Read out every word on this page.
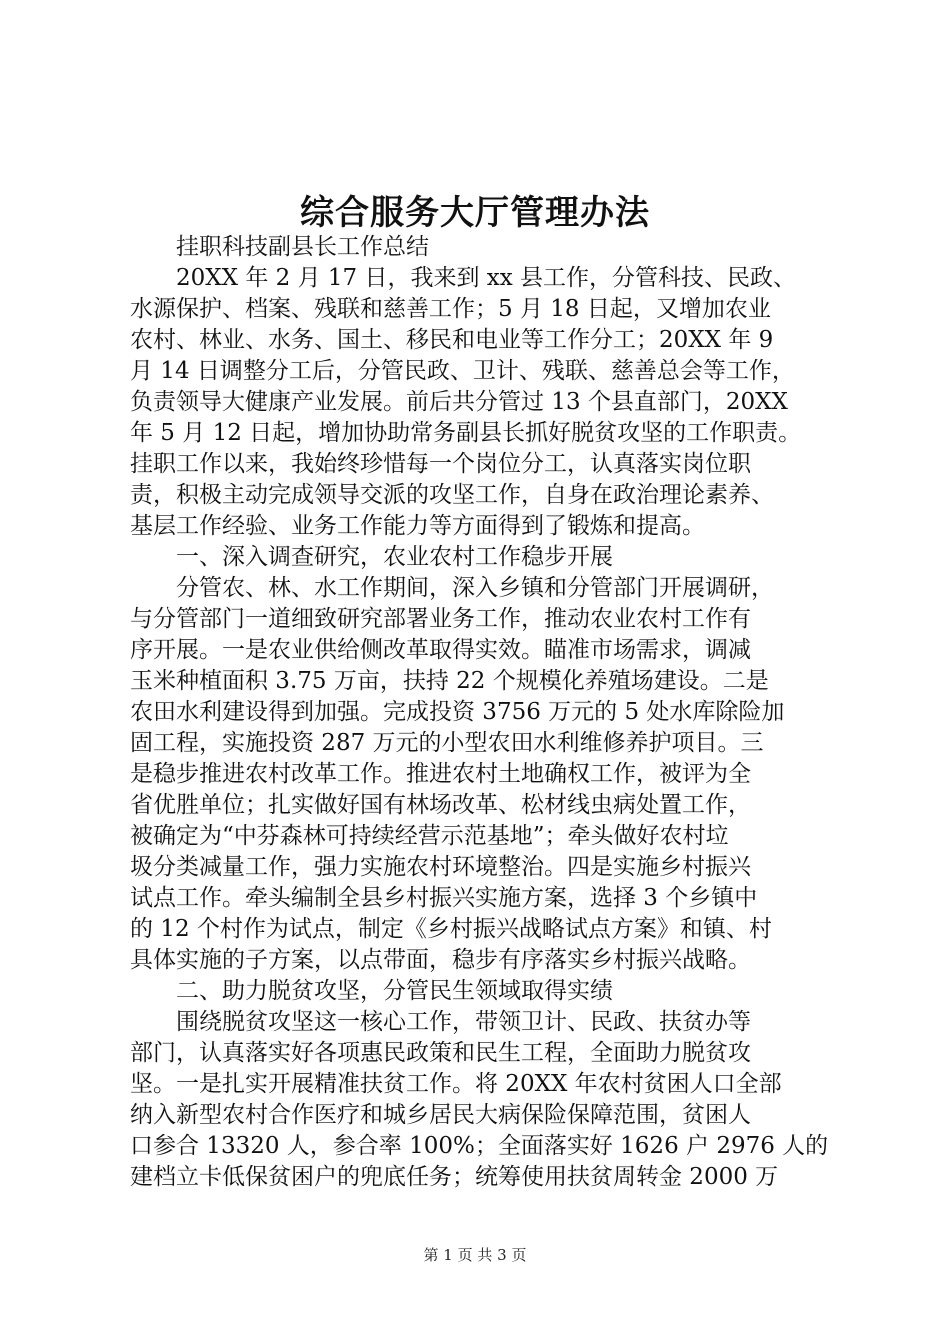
综合服务大厅管理办法
挂职科技副县长工作总结
20XX 年 2 月 17 日，我来到 xx 县工作，分管科技、民政、
水源保护、档案、残联和慈善工作；5 月 18 日起，又增加农业
农村、林业、水务、国土、移民和电业等工作分工；20XX 年 9
月 14 日调整分工后，分管民政、卫计、残联、慈善总会等工作，
负责领导大健康产业发展。前后共分管过 13 个县直部门，20XX
年 5 月 12 日起，增加协助常务副县长抓好脱贫攻坚的工作职责。
挂职工作以来，我始终珍惜每一个岗位分工，认真落实岗位职
责，积极主动完成领导交派的攻坚工作，自身在政治理论素养、
基层工作经验、业务工作能力等方面得到了锻炼和提高。
一、深入调查研究，农业农村工作稳步开展
分管农、林、水工作期间，深入乡镇和分管部门开展调研，
与分管部门一道细致研究部署业务工作，推动农业农村工作有
序开展。一是农业供给侧改革取得实效。瞄准市场需求，调减
玉米种植面积 3.75 万亩，扶持 22 个规模化养殖场建设。二是
农田水利建设得到加强。完成投资 3756 万元的 5 处水库除险加
固工程，实施投资 287 万元的小型农田水利维修养护项目。三
是稳步推进农村改革工作。推进农村土地确权工作，被评为全
省优胜单位；扎实做好国有林场改革、松材线虫病处置工作，
被确定为“中芬森林可持续经营示范基地”；牵头做好农村垃
圾分类减量工作，强力实施农村环境整治。四是实施乡村振兴
试点工作。牵头编制全县乡村振兴实施方案，选择 3 个乡镇中
的 12 个村作为试点，制定《乡村振兴战略试点方案》和镇、村
具体实施的子方案，以点带面，稳步有序落实乡村振兴战略。
二、助力脱贫攻坚，分管民生领域取得实绩
围绕脱贫攻坚这一核心工作，带领卫计、民政、扶贫办等
部门，认真落实好各项惠民政策和民生工程，全面助力脱贫攻
坚。一是扎实开展精准扶贫工作。将 20XX 年农村贫困人口全部
纳入新型农村合作医疗和城乡居民大病保险保障范围，贫困人
口参合 13320 人，参合率 100%；全面落实好 1626 户 2976 人的
建档立卡低保贫困户的兜底任务；统筹使用扶贫周转金 2000 万
第 1 页 共 3 页
